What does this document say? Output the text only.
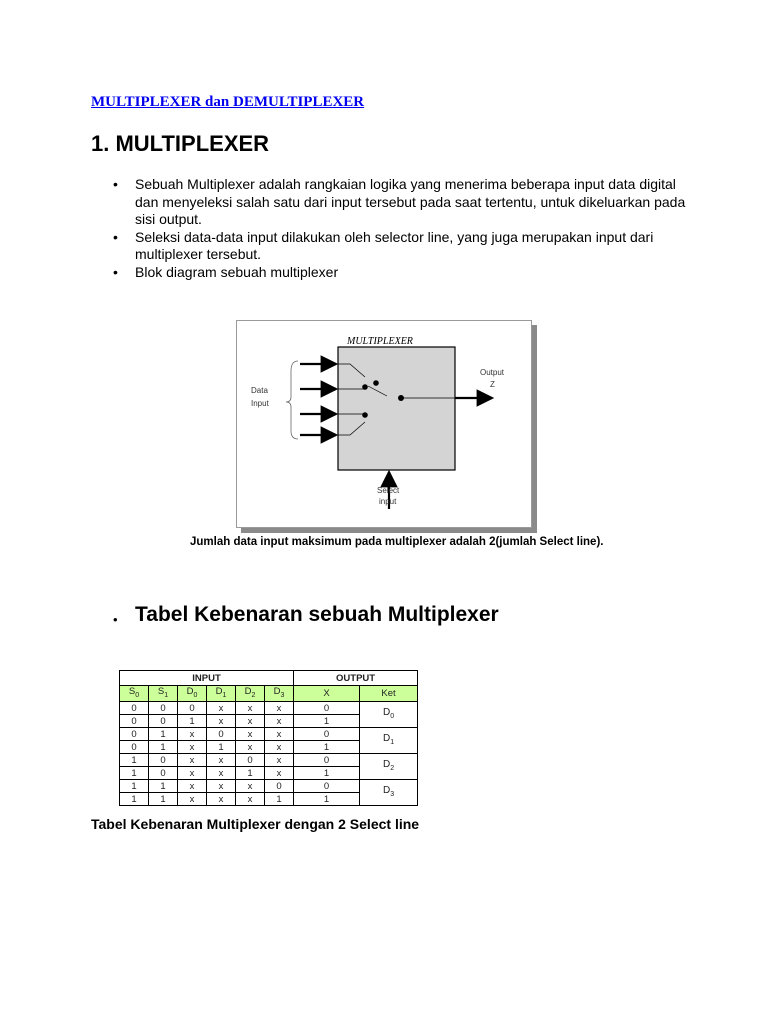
MULTIPLEXER dan DEMULTIPLEXER
1. MULTIPLEXER
• Sebuah Multiplexer adalah rangkaian logika yang menerima beberapa input data digital dan menyeleksi salah satu dari input tersebut pada saat tertentu, untuk dikeluarkan pada sisi output.
• Seleksi data-data input dilakukan oleh selector line, yang juga merupakan input dari multiplexer tersebut.
• Blok diagram sebuah multiplexer
MULTIPLEXER
Data
Input
Output
Z
Select
input
Jumlah data input maksimum pada multiplexer adalah 2(jumlah Select line).
• Tabel Kebenaran sebuah Multiplexer
INPUT						OUTPUT	
$S_0$	$S_1$	$D_0$	$D_1$	$D_2$	$D_3$	X	Ket
0	0	0	x	x	x	0	$D_0$
0	0	1	x	x	x	1	
0	1	x	0	x	x	0	$D_1$
0	1	x	1	x	x	1	
1	0	x	x	0	x	0	$D_2$
1	0	x	x	1	x	1	
1	1	x	x	x	0	0	$D_3$
1	1	x	x	x	1	1	
Tabel Kebenaran Multiplexer dengan 2 Select line
